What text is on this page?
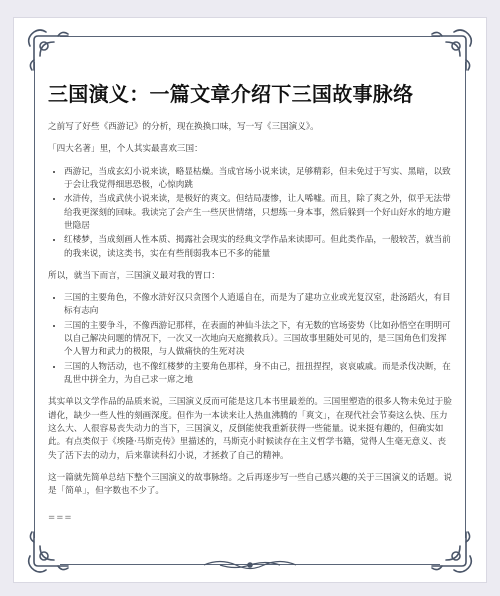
三国演义：一篇文章介绍下三国故事脉络

之前写了好些《西游记》的分析，现在换换口味，写一写《三国演义》。

「四大名著」里，个人其实最喜欢三国：

• 西游记，当成玄幻小说来读，略显枯燥。当成官场小说来读，足够精彩，但未免过于写实、黑暗，以致于会让我觉得细思恐极，心惊肉跳
• 水浒传，当成武侠小说来读，是极好的爽文。但结局凄惨，让人唏嘘。而且，除了爽之外，似乎无法带给我更深刻的回味。我读完了会产生一些厌世情绪，只想练一身本事，然后躲到一个好山好水的地方避世隐居
• 红楼梦，当成刻画人性本质、揭露社会现实的经典文学作品来读即可。但此类作品，一般较苦，就当前的我来说，读这类书，实在有些削弱我本已不多的能量

所以，就当下而言，三国演义最对我的胃口：

• 三国的主要角色，不像水浒好汉只贪图个人逍遥自在，而是为了建功立业或光复汉室，赴汤蹈火，有目标有志向
• 三国的主要争斗，不像西游记那样，在表面的神仙斗法之下，有无数的官场姿势（比如孙悟空在明明可以自己解决问题的情况下，一次又一次地向天庭搬救兵）。三国故事里随处可见的，是三国角色们发挥个人智力和武力的极限，与人做痛快的生死对决
• 三国的人物活动，也不像红楼梦的主要角色那样，身不由己，扭扭捏捏，哀哀戚戚。而是杀伐决断，在乱世中拼全力，为自己求一席之地

其实单以文学作品的品质来说，三国演义反而可能是这几本书里最差的。三国里塑造的很多人物未免过于脸谱化，缺少一些人性的刻画深度。但作为一本读来让人热血沸腾的「爽文」，在现代社会节奏这么快、压力这么大、人很容易丧失动力的当下，三国演义，反倒能使我重新获得一些能量。说来挺有趣的，但确实如此。有点类似于《埃隆·马斯克传》里描述的，马斯克小时候读存在主义哲学书籍，觉得人生毫无意义、丧失了活下去的动力，后来靠读科幻小说，才拯救了自己的精神。

这一篇就先简单总结下整个三国演义的故事脉络。之后再逐步写一些自己感兴趣的关于三国演义的话题。说是「简单」，但字数也不少了。

===
